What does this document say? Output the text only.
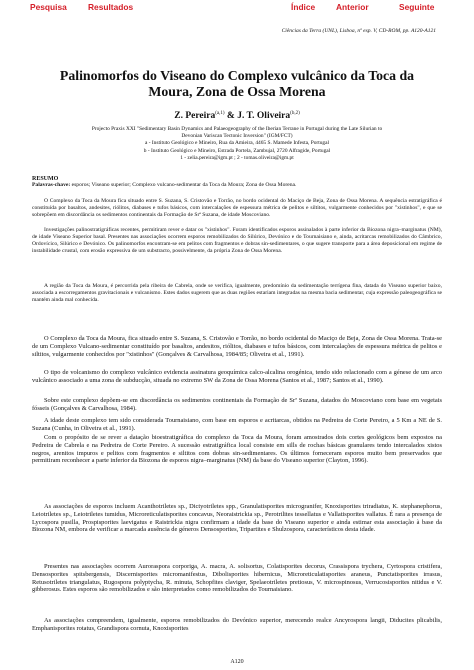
Pesquisa	Resultados	Índice Anterior	Seguinte
Ciências da Terra (UNL), Lisboa, nº esp. V, CD-ROM, pp. A120-A121
Palinomorfos do Viseano do Complexo vulcânico da Toca da
Moura, Zona de Ossa Morena
Z. Pereira$^{(a,1)}$ & J. T. Oliveira$^{(b,2)}$
Projecto Praxis XXI "Sedimentary Basin Dynamics and Palaeogeography of the Iberian Terrane in Portugal during the Late Silurian to
Devonian Variscan Tectonic Inversion" (IGM/FCT)
a - Instituto Geológico e Mineiro, Rua da Amieira, 4465 S. Mamede Infesta, Portugal
b - Instituto Geológico e Mineiro, Estrada Portela, Zambujal, 2720 Alfragide, Portugal
1 - zelia.pereira@igm.pt ; 2 - tomas.oliveira@igm.pt
RESUMO
Palavras-chave: esporos; Viseano superior; Complexo vulcano-sedimentar da Toca da Moura; Zona de Ossa Morena.

O Complexo da Toca da Moura fica situado entre S. Suzana, S. Cristovão e Torrão, no bordo ocidental do Maciço de Beja, Zona de Ossa Morena. A sequência estratigráfica é constituída por basaltos, andesites, riólitos, diabases e tufos básicos, com intercalações de espessura métrica de pelitos e siltitos, vulgarmente conhecidos por "xistinhos", e que se sobrepõem em discordância os sedimentos continentais da Formação de Srª Suzana, de idade Moscoviano.

Investigações palinostratigráficas recentes, permitiram rever e datar os "xistinhos". Foram identificados esporos assinalados à parte inferior da Biozona nigra–marginatus (NM), de idade Viseano Superior basal. Presentes nas associações ocorrem esporos remobilizados do Silúrico, Devónico e do Tournaisiano e, ainda, acritarcas remobilizados do Câmbrico, Ordovícico, Silúrico e Devónico. Os palinomorfos encontram-se em pelitos com fragmentos e dobras sin-sedimentares, o que sugere transporte para a área deposicional em regime de instabilidade crustal, com erosão expressiva de um substracto, possivelmente, da própria Zona de Ossa Morena.

A região da Toca da Moura, é percorrida pela ribeira de Cabrela, onde se verifica, igualmente, predomínio da sedimentação terrígena fina, datada do Viseano superior baixo, associada a escorregamentos gravitacionais e vulcanismo. Estes dados sugerem que as duas regiões estariam integradas na mesma bacia sedimentar, cuja expressão paleogeográfica se mantém ainda mal conhecida.

O Complexo da Toca da Moura, fica situado entre S. Suzana, S. Cristovão e Torrão, no bordo ocidental do Maciço de Beja, Zona de Ossa Morena. Trata-se de um Complexo Vulcano-sedimentar constituído por basaltos, andesitos, riólitos, diabases e tufos básicos, com intercalações de espessura métrica de pelitos e siltitos, vulgarmente conhecidos por "xistinhos" (Gonçalves & Carvalhosa, 1984/85; Oliveira et al., 1991).

O tipo de volcanismo do complexo vulcânico evidencia assinatura geoquímica calco-alcalina orogénica, tendo sido relacionado com a génese de um arco vulcânico associado a uma zona de subducção, situada no extremo SW da Zona de Ossa Morena (Santos et al., 1987; Santos et al., 1990).

Sobre este complexo depõem-se em discordância os sedimentos continentais da Formação de Srª Suzana, datados do Moscoviano com base em vegetais fósseis (Gonçalves & Carvalhosa, 1984).

A idade deste complexo tem sido considerada Tournaisiano, com base em esporos e acritarcas, obtidos na Pedreira de Corte Pereiro, a 5 Km a NE de S. Suzana (Cunha, in Oliveira et al., 1991).

Com o propósito de se rever a datação bioestratigráfica do complexo da Toca da Moura, foram amostrados dois cortes geológicos bem expostos na Pedreira de Cabrela e na Pedreira de Corte Pereiro. A sucessão estratigráfica local consiste em sills de rochas básicas granulares tendo intercalados xistos negros, arenitos impuros e pelitos com fragmentos e siltitos com dobras sin-sedimentares. Os últimos forneceram esporos muito bem preservados que permitiram reconhecer a parte inferior da Biozona de esporos nigra–marginatus (NM) da base do Viseano superior (Clayton, 1996).

As associações de esporos incluem Acanthotriletes sp., Dictyotriletes spp., Granulatisporites microgranifer, Knoxisporites triradiatus, K. stephanephorus, Leiotriletes sp., Leiotriletes tumidus, Microreticulatisporites concavus, Neoraistrickia sp., Perotrilites tessellatus e Vallatisporites vallatus. É rara a presença de Lycospora pusilla, Prospisporites laevigatus e Raistrickia nigra confirmam a idade da base do Viseano superior e ainda estimar esta associação à base da Biozona NM, embora de verificar a marcada ausência de géneros Densosporites, Tripartites e Shulzospora, característicos desta idade.

Presentes nas associações ocorrem Aurorasporа corporiga, A. macra, A. solisortus, Colatisporites decorus, Crassispora trychera, Cyrtospora cristifera, Densosporites spitsbergensis, Discernisporites micromanifestus, Dibolisporites hibernicus, Microreticulatisporites araneus, Punctatisporites irrasus, Retusotriletes triangulatus, Rugospora polyptycha, R. minuta, Schopfites claviger, Spelaeotriletes pretiosus, V. microspinosus, Verrucosisporites nitidus e V. gibberosus. Estes esporos são remobilizados e são interpretados como remobilizados do Tournaisiano.

As associações compreendem, igualmente, esporos remobilizados do Devónico superior, merecendo realce Ancyrospora langii, Diducites plicabilis, Emphanisporites rotatus, Grandispora cornuta, Knoxisporites

A120
